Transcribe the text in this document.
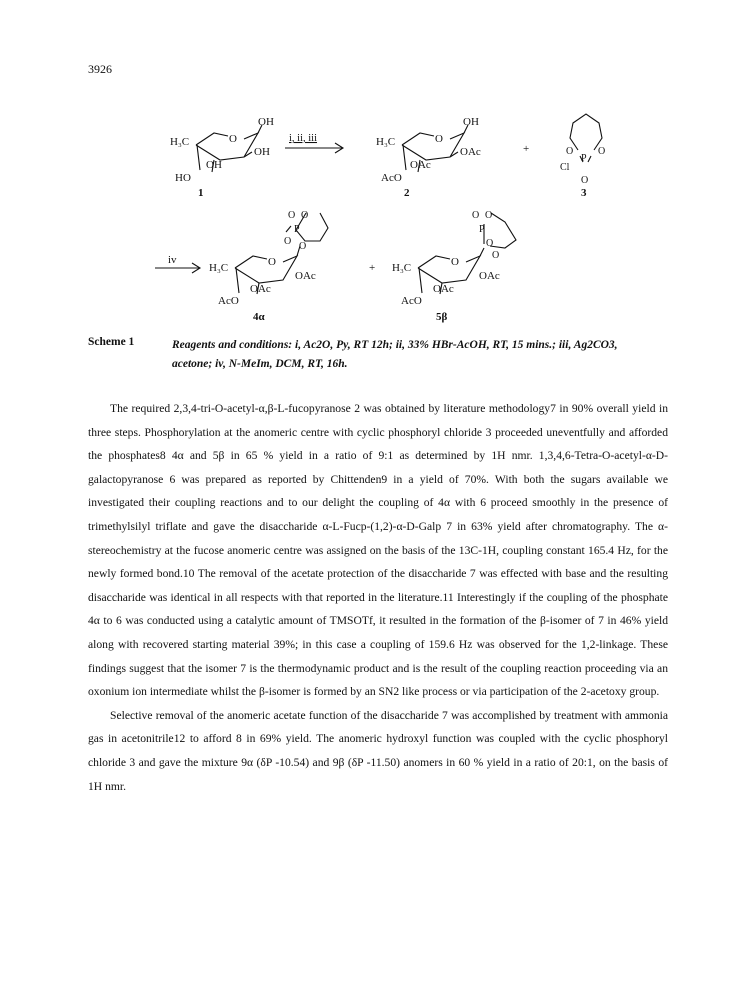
3926
H₃C	O
OH
OH
OH
HO
1
i, ii, iii	H₃C	O
OH
OAc
OAc
AcO
2
+	O O
P
Cl
O
3
iv
H₃C	O
OAc
OAc
AcO
O O
P
O O
4α
+ H₃C	O
OAc
OAc
AcO
O O
P
O
O
5β
Scheme 1	Reagents and conditions: i, Ac2O, Py, RT 12h; ii, 33% HBr-AcOH, RT, 15 mins.; iii, Ag2CO3, acetone; iv, N-MeIm, DCM, RT, 16h.

The required 2,3,4-tri-O-acetyl-α,β-L-fucopyranose 2 was obtained by literature methodology7 in 90% overall yield in three steps. Phosphorylation at the anomeric centre with cyclic phosphoryl chloride 3 proceeded uneventfully and afforded the phosphates8 4α and 5β in 65 % yield in a ratio of 9:1 as determined by 1H nmr. 1,3,4,6-Tetra-O-acetyl-α-D-galactopyranose 6 was prepared as reported by Chittenden9 in a yield of 70%. With both the sugars available we investigated their coupling reactions and to our delight the coupling of 4α with 6 proceed smoothly in the presence of trimethylsilyl triflate and gave the disaccharide α-L-Fucp-(1,2)-α-D-Galp 7 in 63% yield after chromatography. The α-stereochemistry at the fucose anomeric centre was assigned on the basis of the 13C-1H, coupling constant 165.4 Hz, for the newly formed bond.10 The removal of the acetate protection of the disaccharide 7 was effected with base and the resulting disaccharide was identical in all respects with that reported in the literature.11 Interestingly if the coupling of the phosphate 4α to 6 was conducted using a catalytic amount of TMSOTf, it resulted in the formation of the β-isomer of 7 in 46% yield along with recovered starting material 39%; in this case a coupling of 159.6 Hz was observed for the 1,2-linkage. These findings suggest that the isomer 7 is the thermodynamic product and is the result of the coupling reaction proceeding via an oxonium ion intermediate whilst the β-isomer is formed by an SN2 like process or via participation of the 2-acetoxy group.

Selective removal of the anomeric acetate function of the disaccharide 7 was accomplished by treatment with ammonia gas in acetonitrile12 to afford 8 in 69% yield. The anomeric hydroxyl function was coupled with the cyclic phosphoryl chloride 3 and gave the mixture 9α (δP -10.54) and 9β (δP -11.50) anomers in 60 % yield in a ratio of 20:1, on the basis of 1H nmr.
